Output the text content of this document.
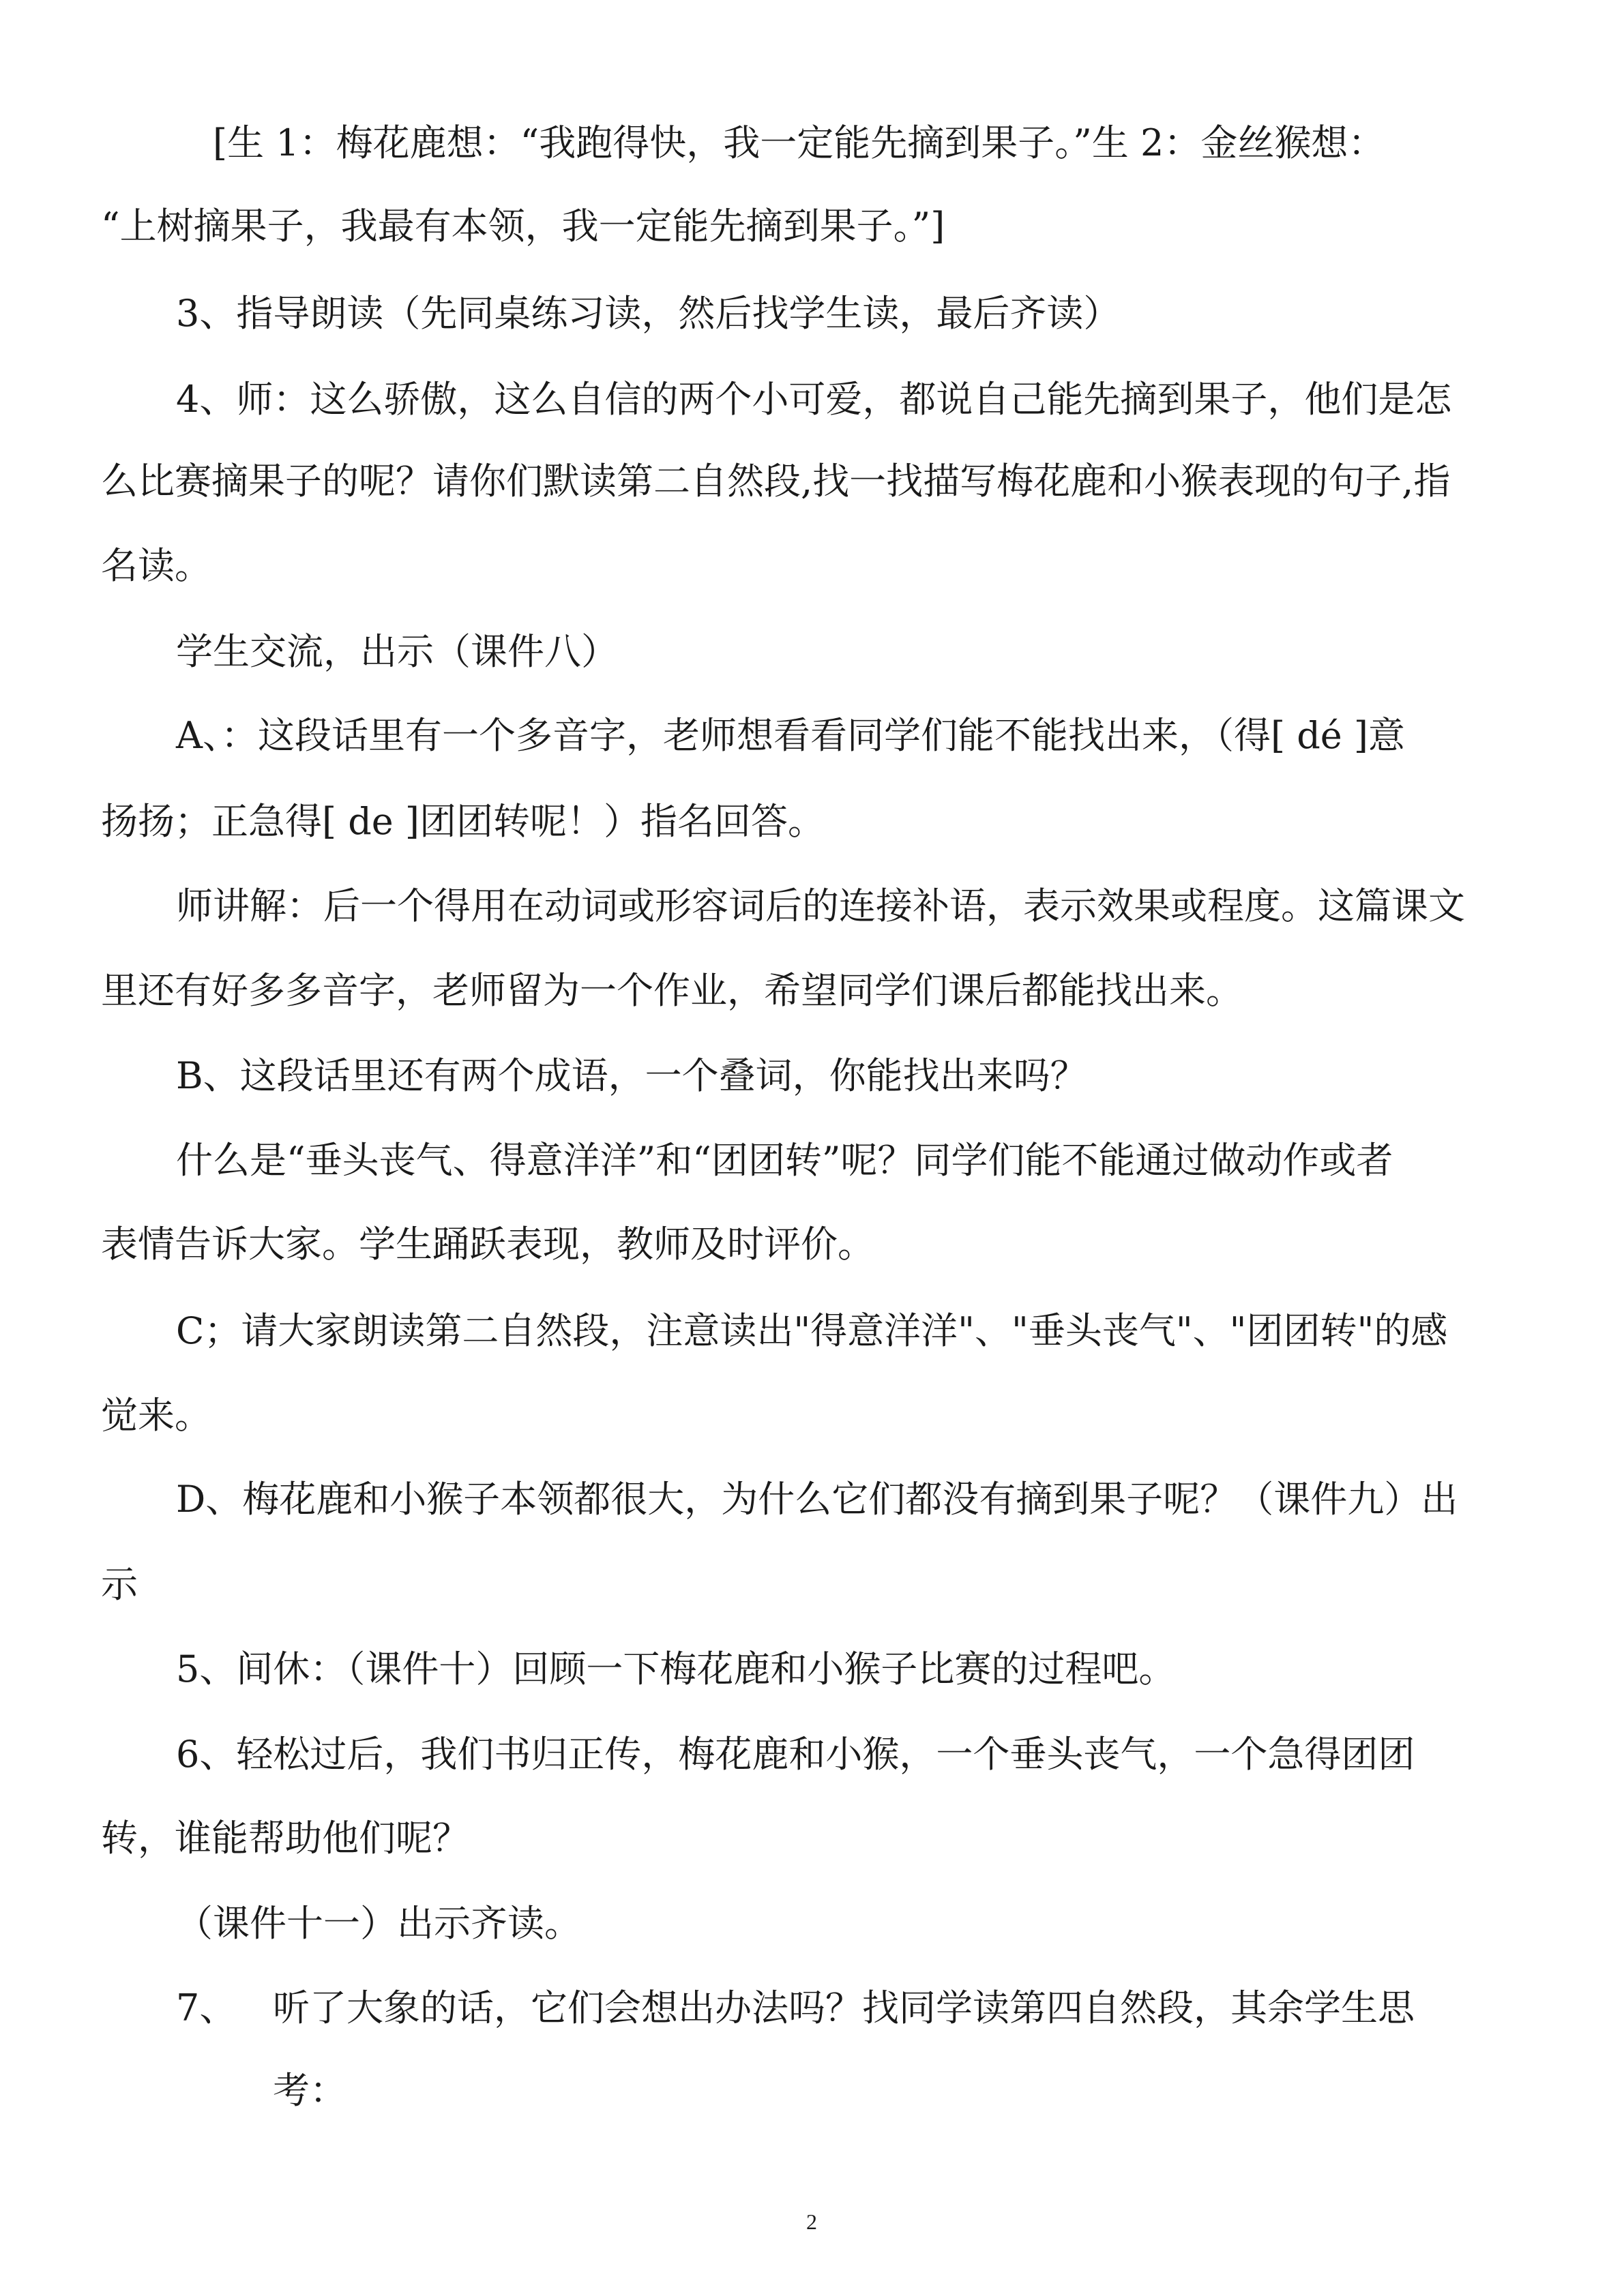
[生 1：梅花鹿想：“我跑得快，我一定能先摘到果子。”生 2：金丝猴想：

“上树摘果子，我最有本领，我一定能先摘到果子。”]

3、指导朗读（先同桌练习读，然后找学生读，最后齐读）

4、师：这么骄傲，这么自信的两个小可爱，都说自己能先摘到果子，他们是怎

么比赛摘果子的呢？请你们默读第二自然段,找一找描写梅花鹿和小猴表现的句子,指

名读。

学生交流，出示（课件八）

A、：这段话里有一个多音字，老师想看看同学们能不能找出来，（得[ dé ]意

扬扬；正急得[ de ]团团转呢！）指名回答。

师讲解：后一个得用在动词或形容词后的连接补语，表示效果或程度。这篇课文

里还有好多多音字，老师留为一个作业，希望同学们课后都能找出来。

B、这段话里还有两个成语，一个叠词，你能找出来吗？

什么是“垂头丧气、得意洋洋”和“团团转”呢？同学们能不能通过做动作或者

表情告诉大家。学生踊跃表现，教师及时评价。

C；请大家朗读第二自然段，注意读出"得意洋洋"、"垂头丧气"、"团团转"的感

觉来。

D、梅花鹿和小猴子本领都很大，为什么它们都没有摘到果子呢？（课件九）出

示

5、间休：（课件十）回顾一下梅花鹿和小猴子比赛的过程吧。

6、轻松过后，我们书归正传，梅花鹿和小猴，一个垂头丧气，一个急得团团

转，谁能帮助他们呢？

（课件十一）出示齐读。

7、 听了大象的话，它们会想出办法吗？找同学读第四自然段，其余学生思

考：

2
